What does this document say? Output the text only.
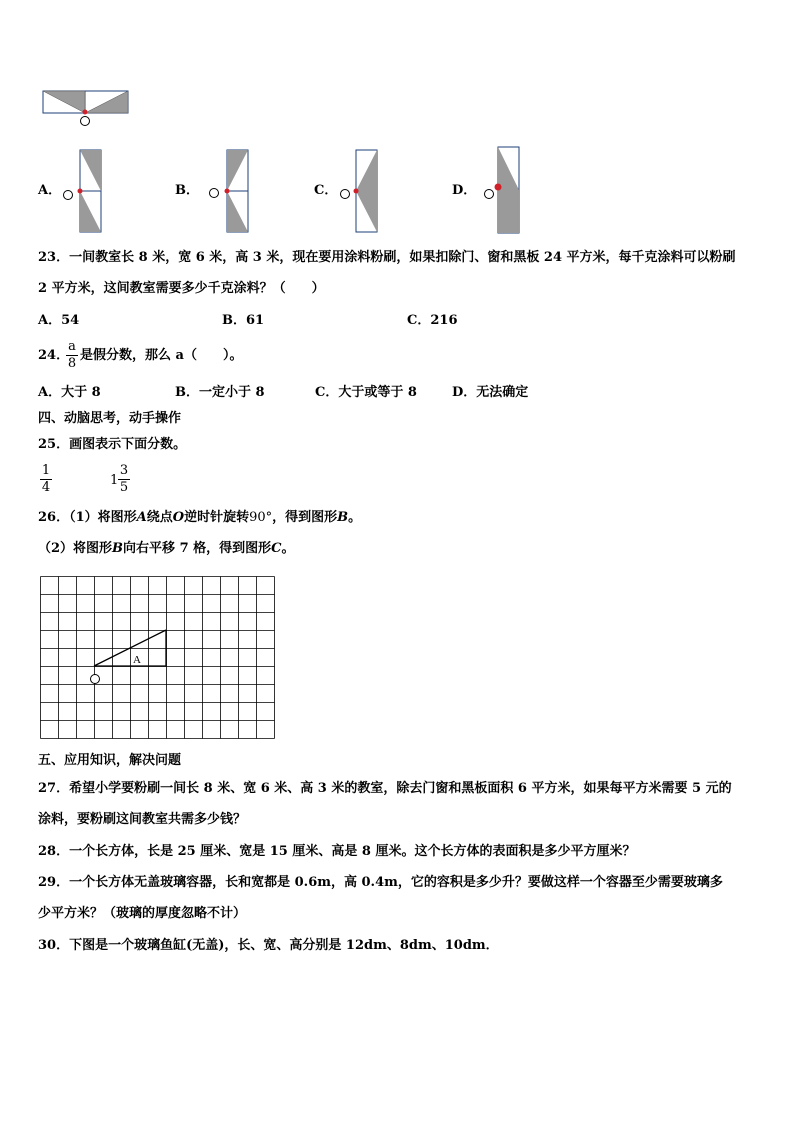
A．	B．	C．	D．
23．一间教室长 8 米，宽 6 米，高 3 米，现在要用涂料粉刷，如果扣除门、窗和黑板 24 平方米，每千克涂料可以粉刷
2 平方米，这间教室需要多少千克涂料？（　　）
A．54	B．61	C．216
24．
a
8
是假分数，那么 a（　　）。
A．大于 8	B．一定小于 8	C．大于或等于 8	D．无法确定
四、动脑思考，动手操作
25．画图表示下面分数。
1
4	1
3
5
26．（1）将图形A绕点O逆时针旋转90°，得到图形B。
（2）将图形B向右平移 7 格，得到图形C。
A
五、应用知识，解决问题
27．希望小学要粉刷一间长 8 米、宽 6 米、高 3 米的教室，除去门窗和黑板面积 6 平方米，如果每平方米需要 5 元的
涂料，要粉刷这间教室共需多少钱？
28．一个长方体，长是 25 厘米、宽是 15 厘米、高是 8 厘米。这个长方体的表面积是多少平方厘米？
29．一个长方体无盖玻璃容器，长和宽都是 0.6m，高 0.4m，它的容积是多少升？要做这样一个容器至少需要玻璃多
少平方米？（玻璃的厚度忽略不计）
30．下图是一个玻璃鱼缸(无盖)，长、宽、高分别是 12dm、8dm、10dm．
